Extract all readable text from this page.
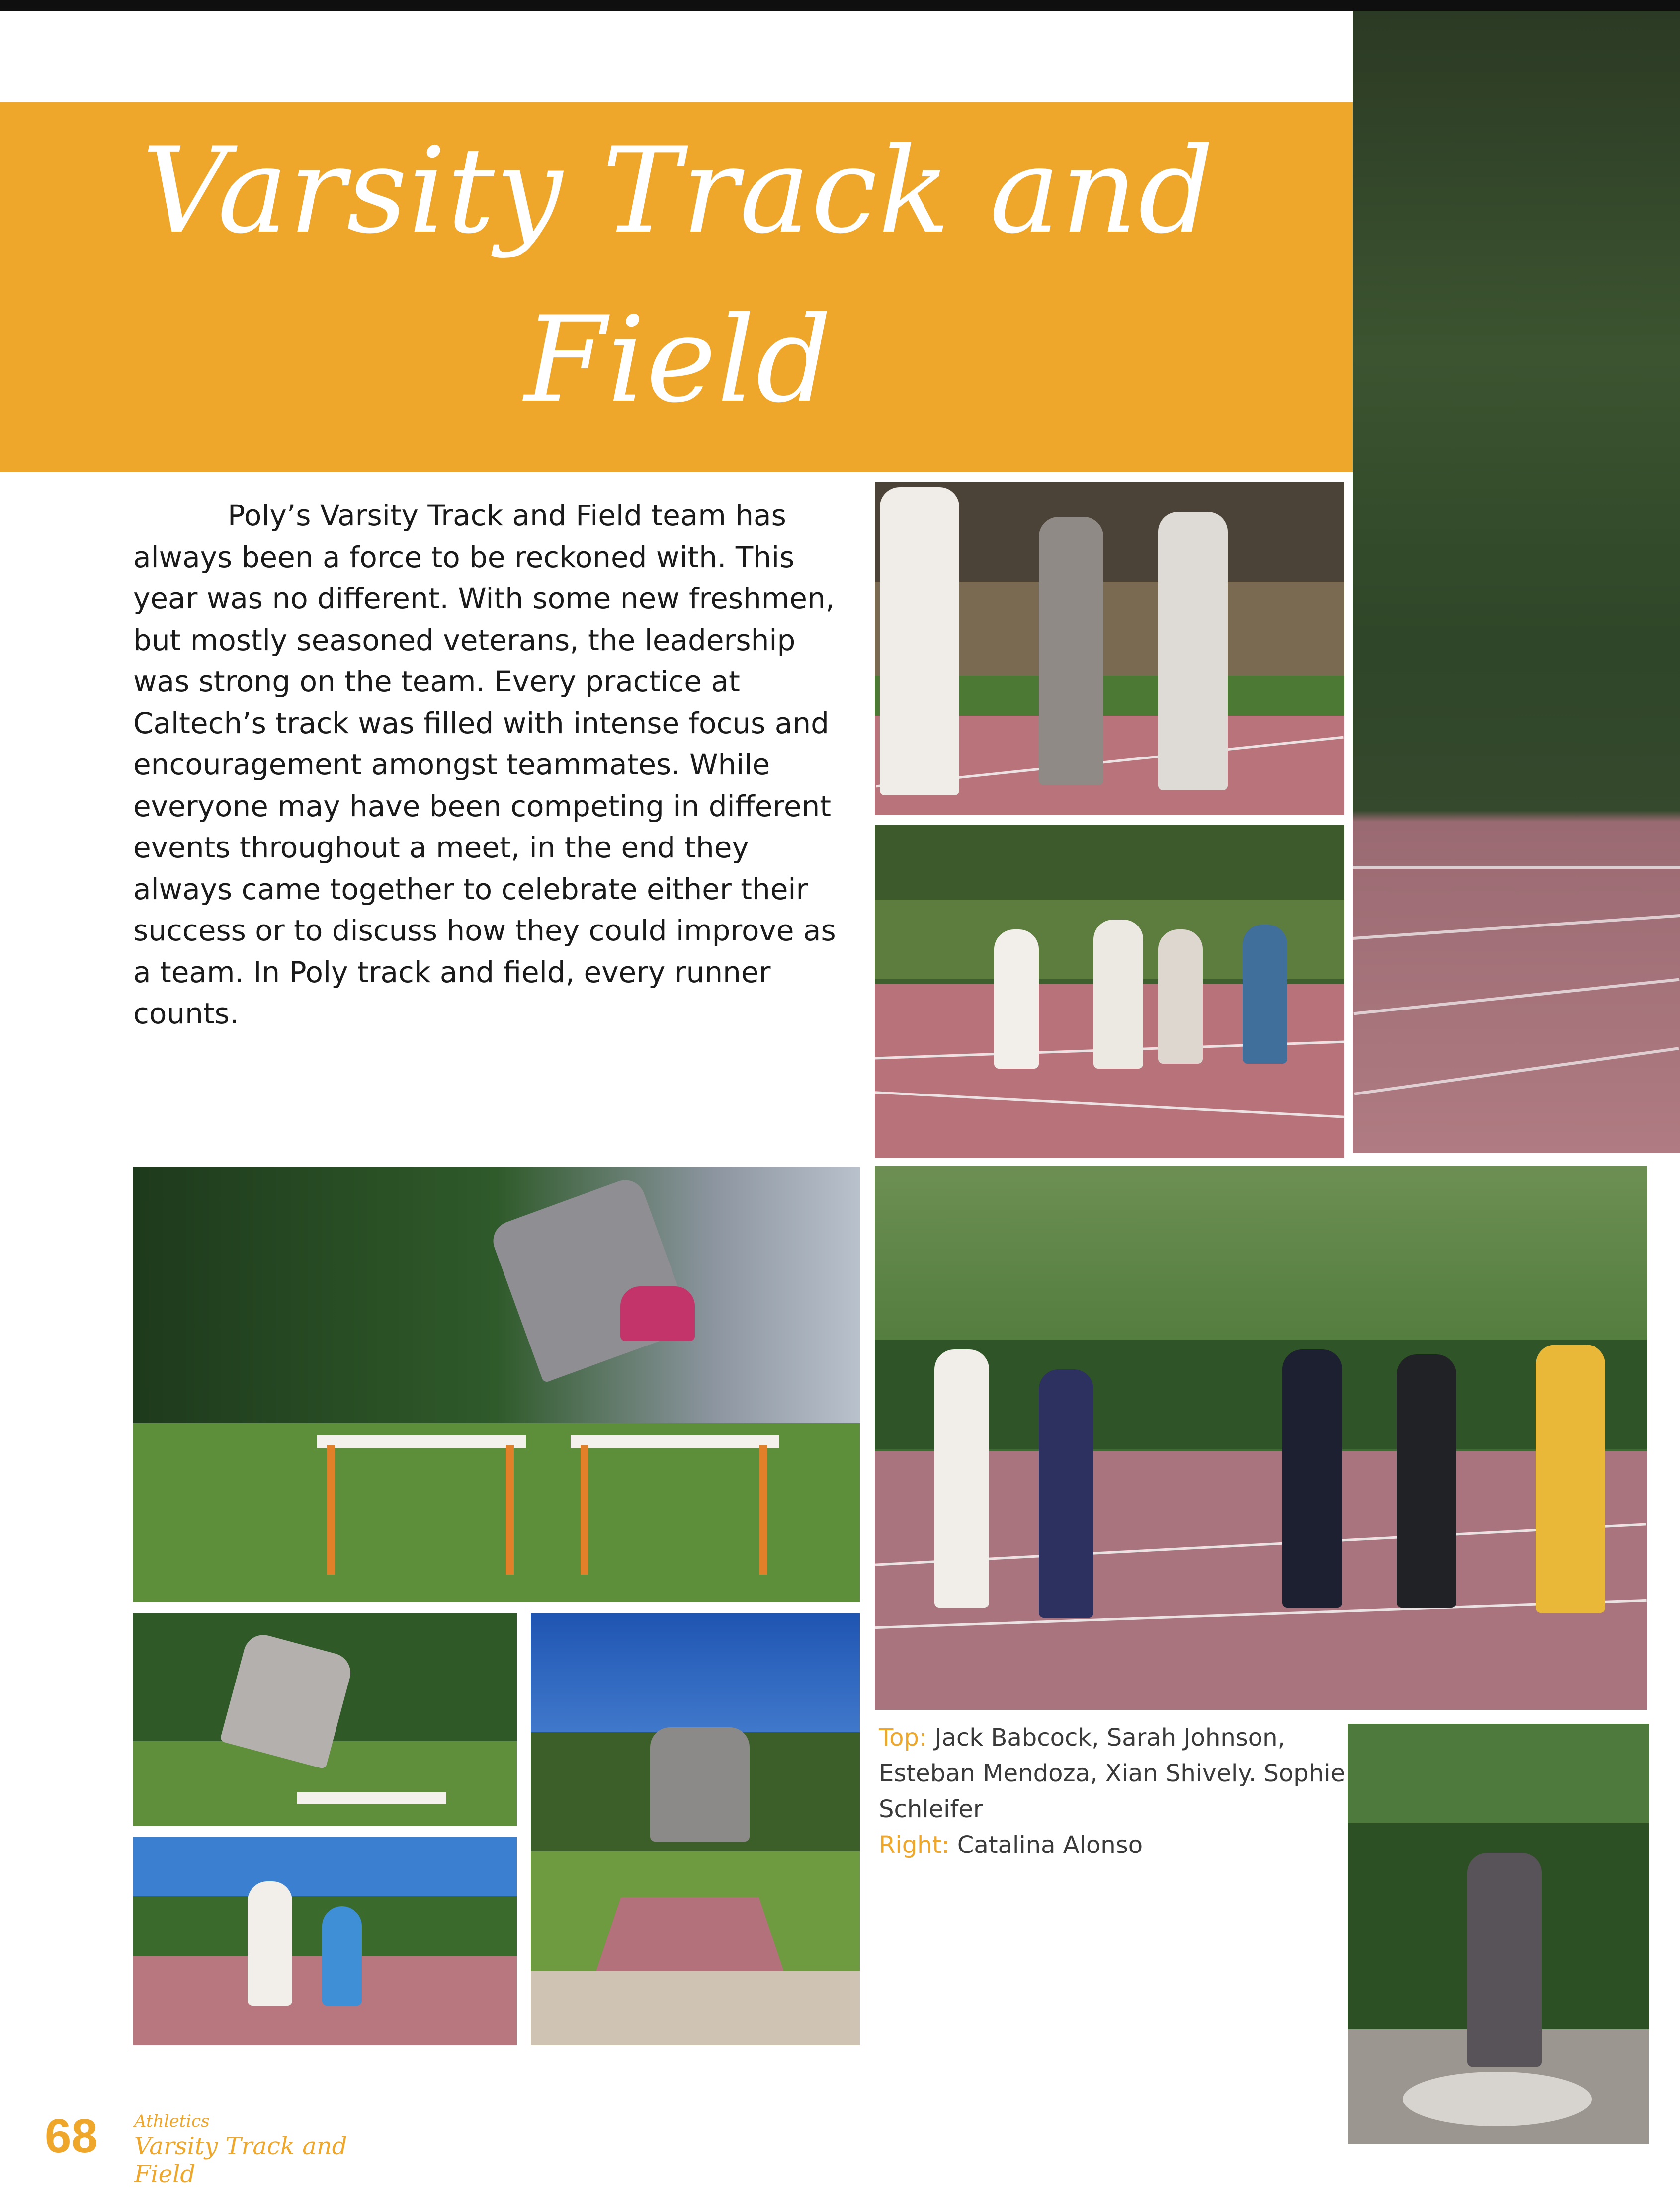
Varsity Track and Field

Poly’s Varsity Track and Field team has always been a force to be reckoned with. This year was no different. With some new freshmen, but mostly seasoned veterans, the leadership was strong on the team. Every practice at Caltech’s track was filled with intense focus and encouragement amongst teammates. While everyone may have been competing in different events throughout a meet, in the end they always came together to celebrate either their success or to discuss how they could improve as a team. In Poly track and field, every runner counts.

Top: Jack Babcock, Sarah Johnson, Esteban Mendoza, Xian Shively. Sophie Schleifer
Right: Catalina Alonso

68 Athletics
Varsity Track and Field
